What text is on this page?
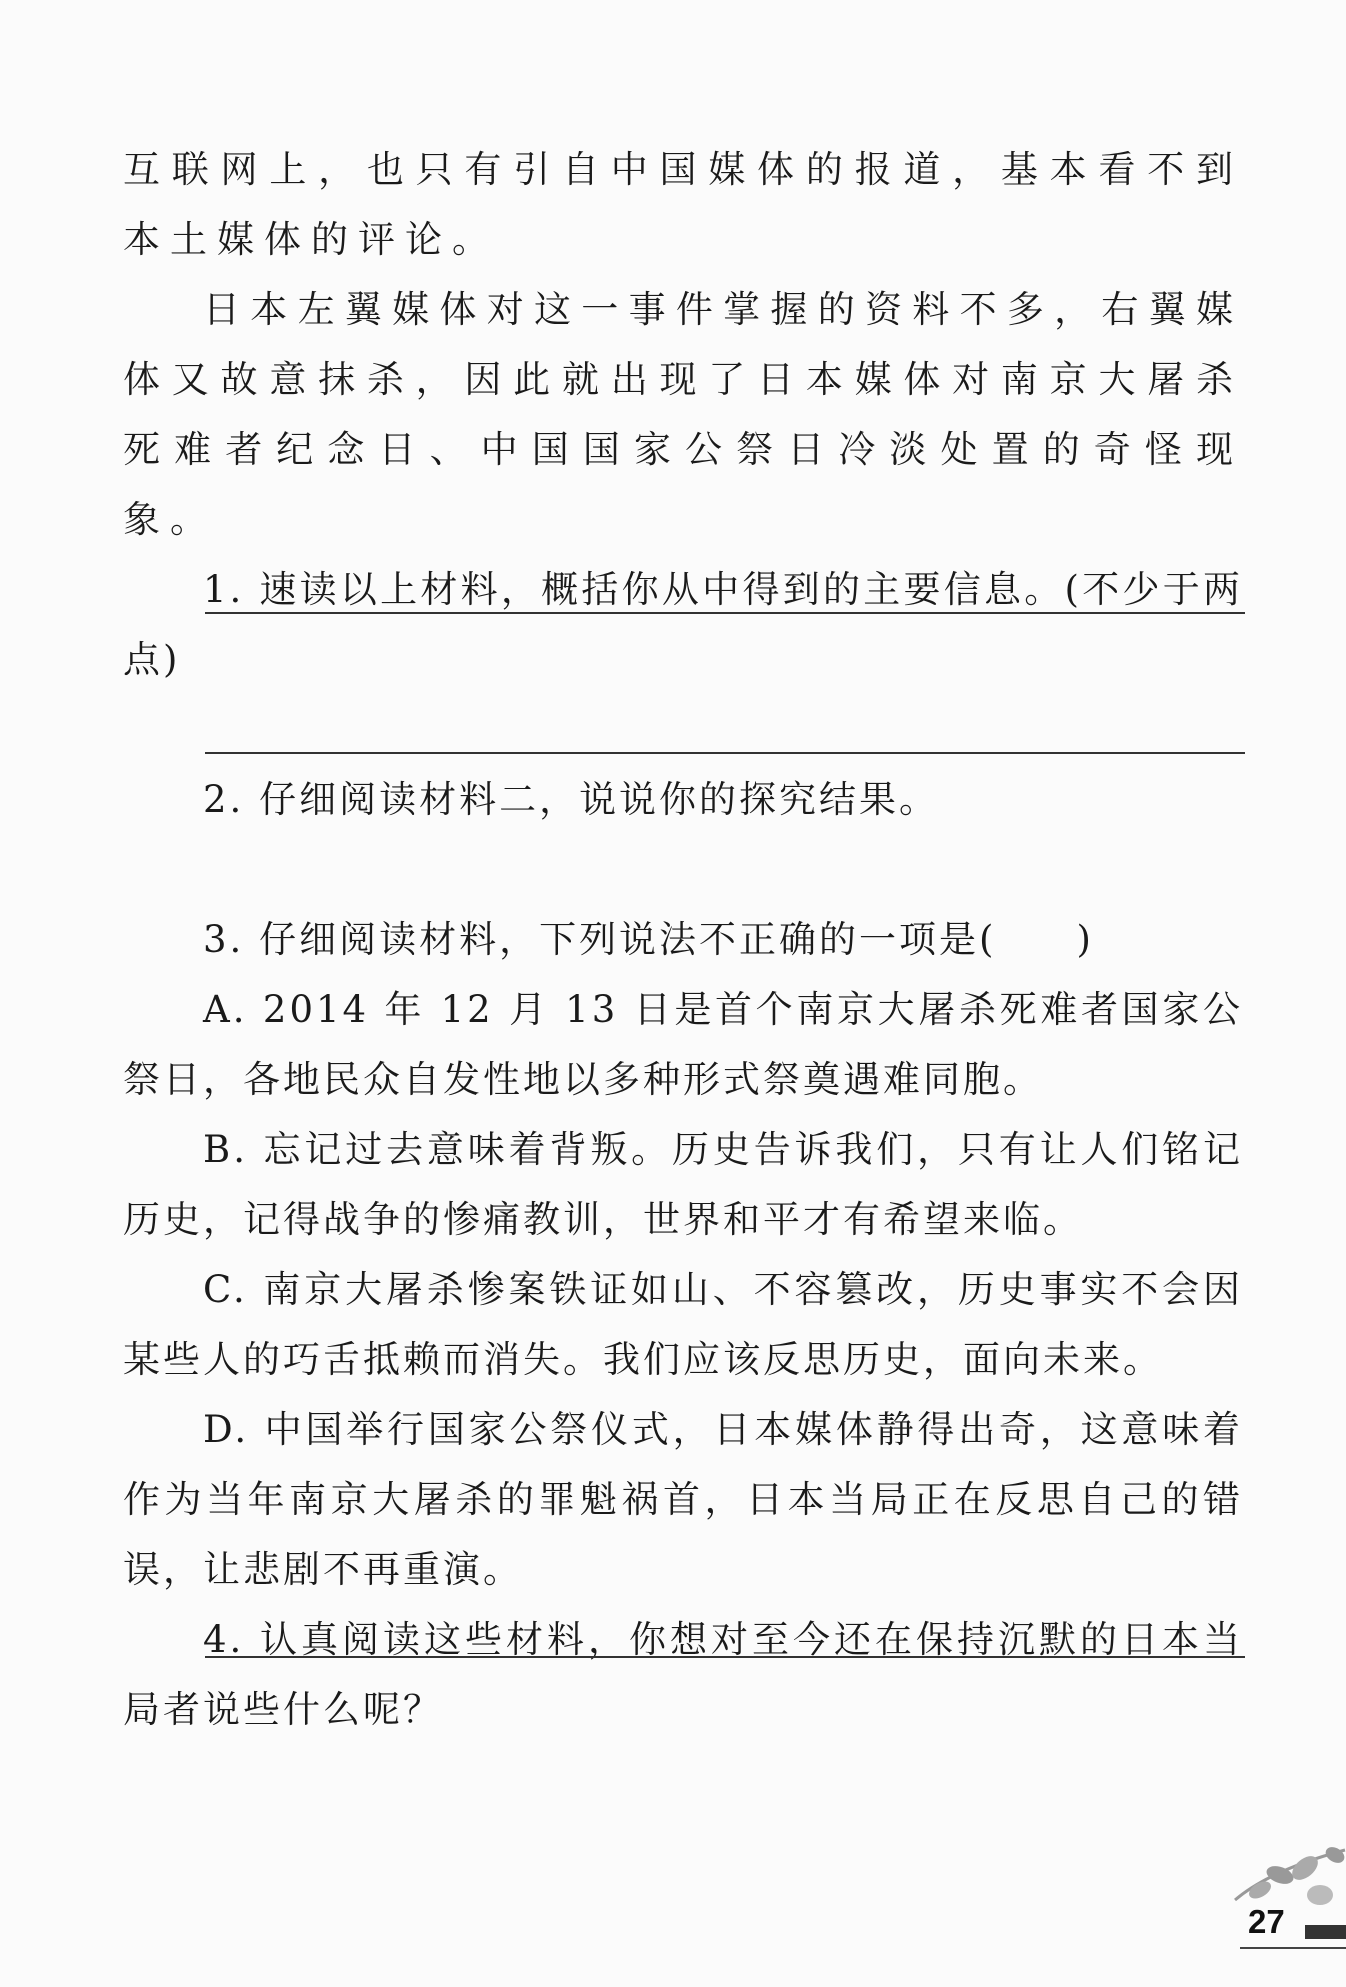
互联网上，也只有引自中国媒体的报道，基本看不到本土媒体的评论。

日本左翼媒体对这一事件掌握的资料不多，右翼媒体又故意抹杀，因此就出现了日本媒体对南京大屠杀死难者纪念日、中国国家公祭日冷淡处置的奇怪现象。

1. 速读以上材料，概括你从中得到的主要信息。(不少于两点)

2. 仔细阅读材料二，说说你的探究结果。

3. 仔细阅读材料，下列说法不正确的一项是(　　)

A. 2014 年 12 月 13 日是首个南京大屠杀死难者国家公祭日，各地民众自发性地以多种形式祭奠遇难同胞。

B. 忘记过去意味着背叛。历史告诉我们，只有让人们铭记历史，记得战争的惨痛教训，世界和平才有希望来临。

C. 南京大屠杀惨案铁证如山、不容篡改，历史事实不会因某些人的巧舌抵赖而消失。我们应该反思历史，面向未来。

D. 中国举行国家公祭仪式，日本媒体静得出奇，这意味着作为当年南京大屠杀的罪魁祸首，日本当局正在反思自己的错误，让悲剧不再重演。

4. 认真阅读这些材料，你想对至今还在保持沉默的日本当局者说些什么呢？

27
